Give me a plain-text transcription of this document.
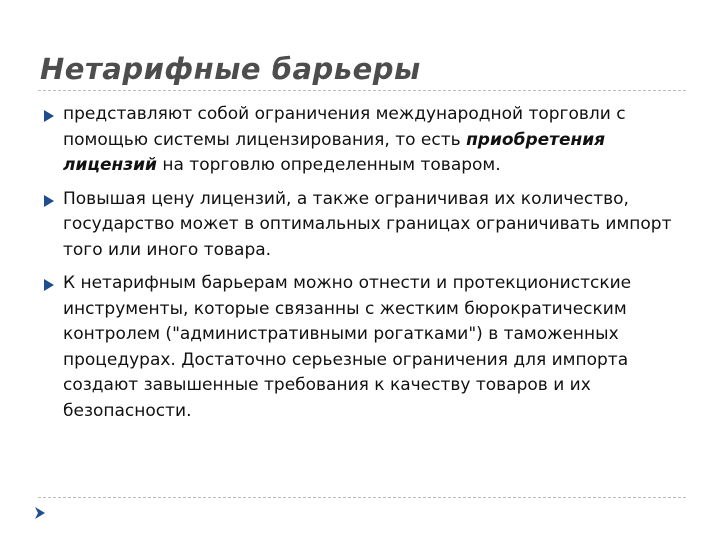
Нетарифные барьеры
представляют собой ограничения международной торговли с помощью системы лицензирования, то есть приобретения лицензий на торговлю определенным товаром.
Повышая цену лицензий, а также ограничивая их количество, государство может в оптимальных границах ограничивать импорт того или иного товара.
К нетарифным барьерам можно отнести и протекционистские инструменты, которые связанны с жестким бюрократическим контролем ("административными рогатками") в таможенных процедурах. Достаточно серьезные ограничения для импорта создают завышенные требования к качеству товаров и их безопасности.
